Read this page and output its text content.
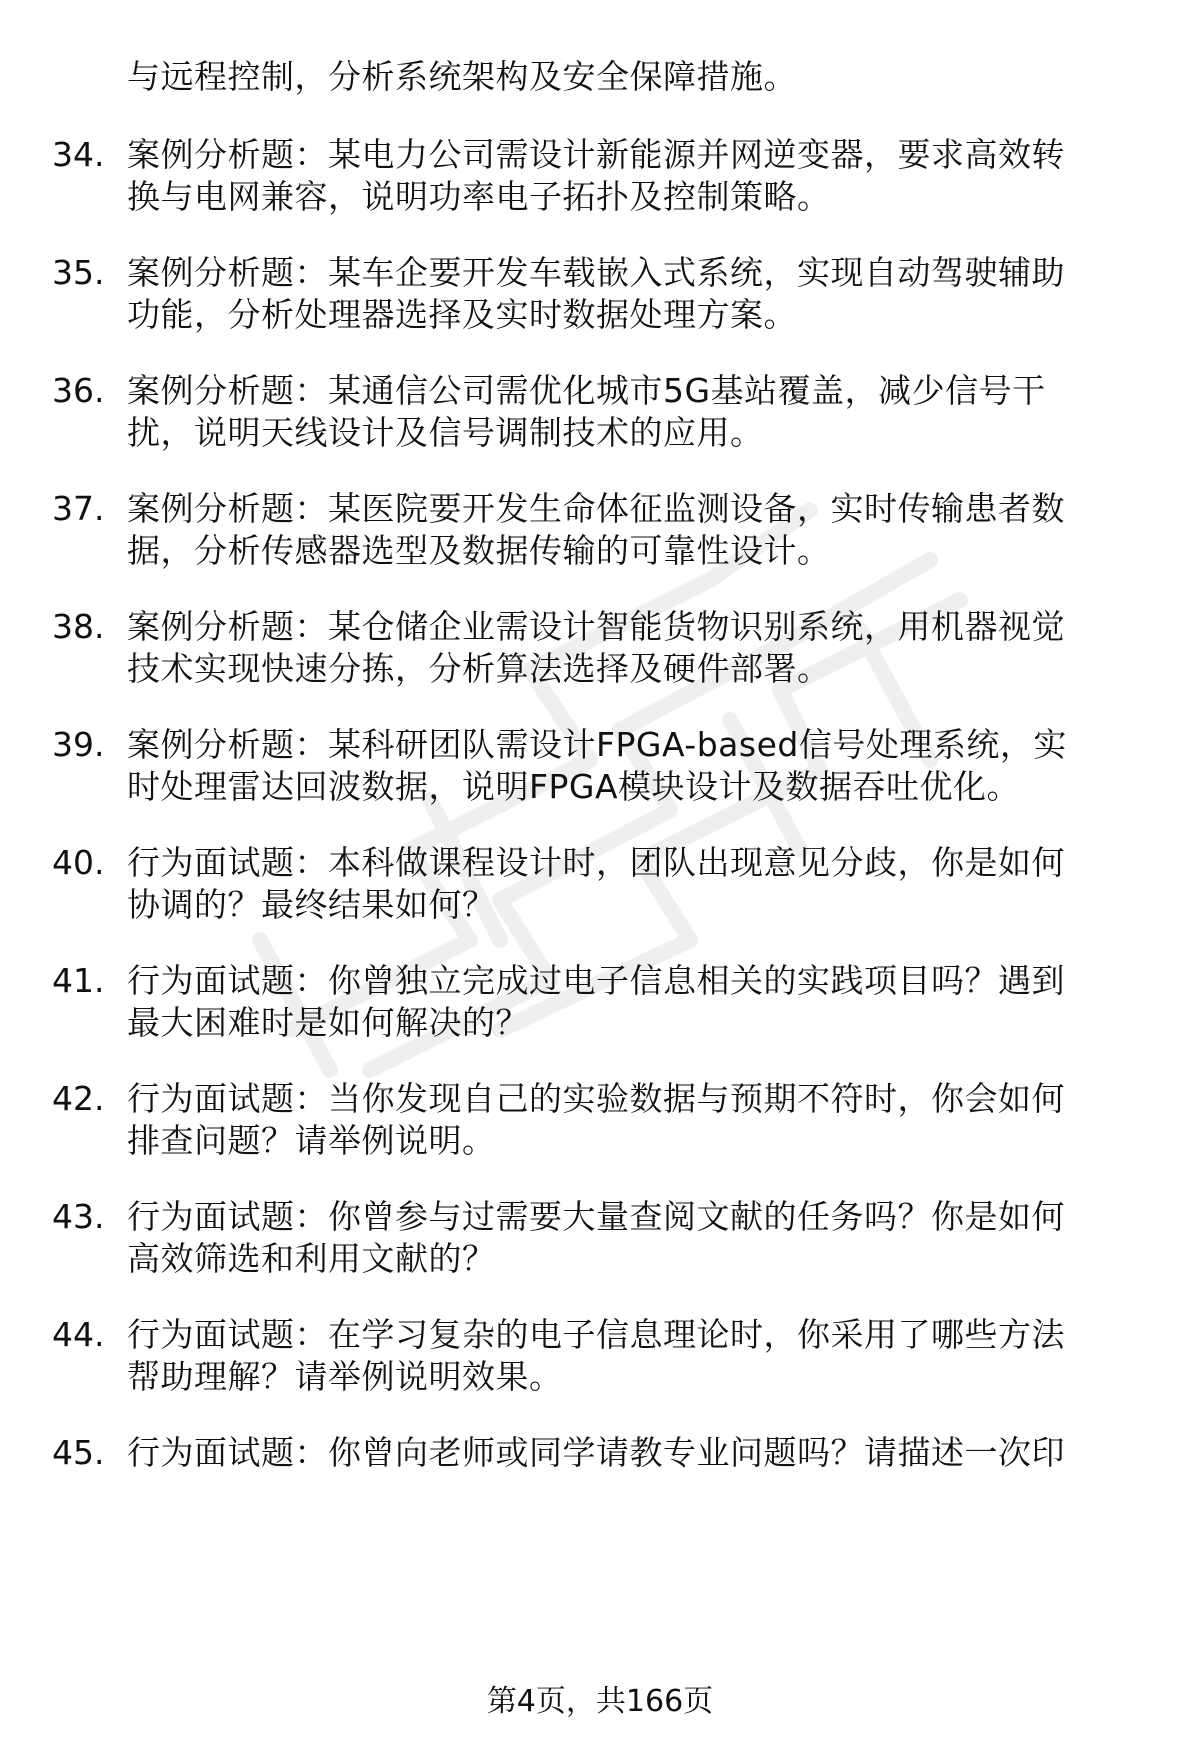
与远程控制，分析系统架构及安全保障措施。
34. 案例分析题：某电力公司需设计新能源并网逆变器，要求高效转
换与电网兼容，说明功率电子拓扑及控制策略。
35. 案例分析题：某车企要开发车载嵌入式系统，实现自动驾驶辅助
功能，分析处理器选择及实时数据处理方案。
36. 案例分析题：某通信公司需优化城市5G基站覆盖，减少信号干
扰，说明天线设计及信号调制技术的应用。
37. 案例分析题：某医院要开发生命体征监测设备，实时传输患者数
据，分析传感器选型及数据传输的可靠性设计。
38. 案例分析题：某仓储企业需设计智能货物识别系统，用机器视觉
技术实现快速分拣，分析算法选择及硬件部署。
39. 案例分析题：某科研团队需设计FPGA-based信号处理系统，实
时处理雷达回波数据，说明FPGA模块设计及数据吞吐优化。
40. 行为面试题：本科做课程设计时，团队出现意见分歧，你是如何
协调的？最终结果如何？
41. 行为面试题：你曾独立完成过电子信息相关的实践项目吗？遇到
最大困难时是如何解决的？
42. 行为面试题：当你发现自己的实验数据与预期不符时，你会如何
排查问题？请举例说明。
43. 行为面试题：你曾参与过需要大量查阅文献的任务吗？你是如何
高效筛选和利用文献的？
44. 行为面试题：在学习复杂的电子信息理论时，你采用了哪些方法
帮助理解？请举例说明效果。
45. 行为面试题：你曾向老师或同学请教专业问题吗？请描述一次印
第4页，共166页
